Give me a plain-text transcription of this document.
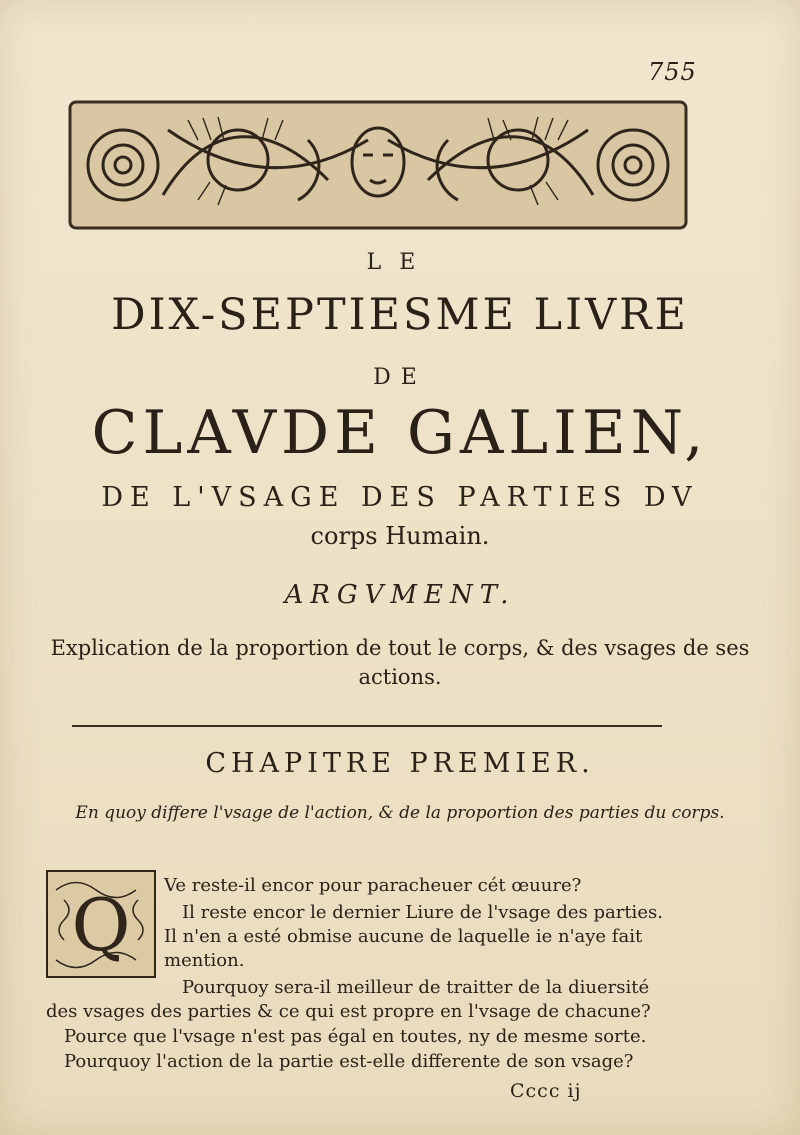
755
LE
DIX-SEPTIESME LIVRE
DE
CLAVDE GALIEN,
DE L'VSAGE DES PARTIES DV
corps Humain.
ARGVMENT.
Explication de la proportion de tout le corps, & des vsages de ses actions.
CHAPITRE PREMIER.
En quoy differe l'vsage de l'action, & de la proportion des parties du corps.
Q Ve reste-il encor pour paracheuer cét œuure?
Il reste encor le dernier Liure de l'vsage des parties.
Il n'en a esté obmise aucune de laquelle ie n'aye fait
mention.
Pourquoy sera-il meilleur de traitter de la diuersité
des vsages des parties & ce qui est propre en l'vsage de chacune?
Pource que l'vsage n'est pas égal en toutes, ny de mesme sorte.
Pourquoy l'action de la partie est-elle differente de son vsage?
Cccc ij
